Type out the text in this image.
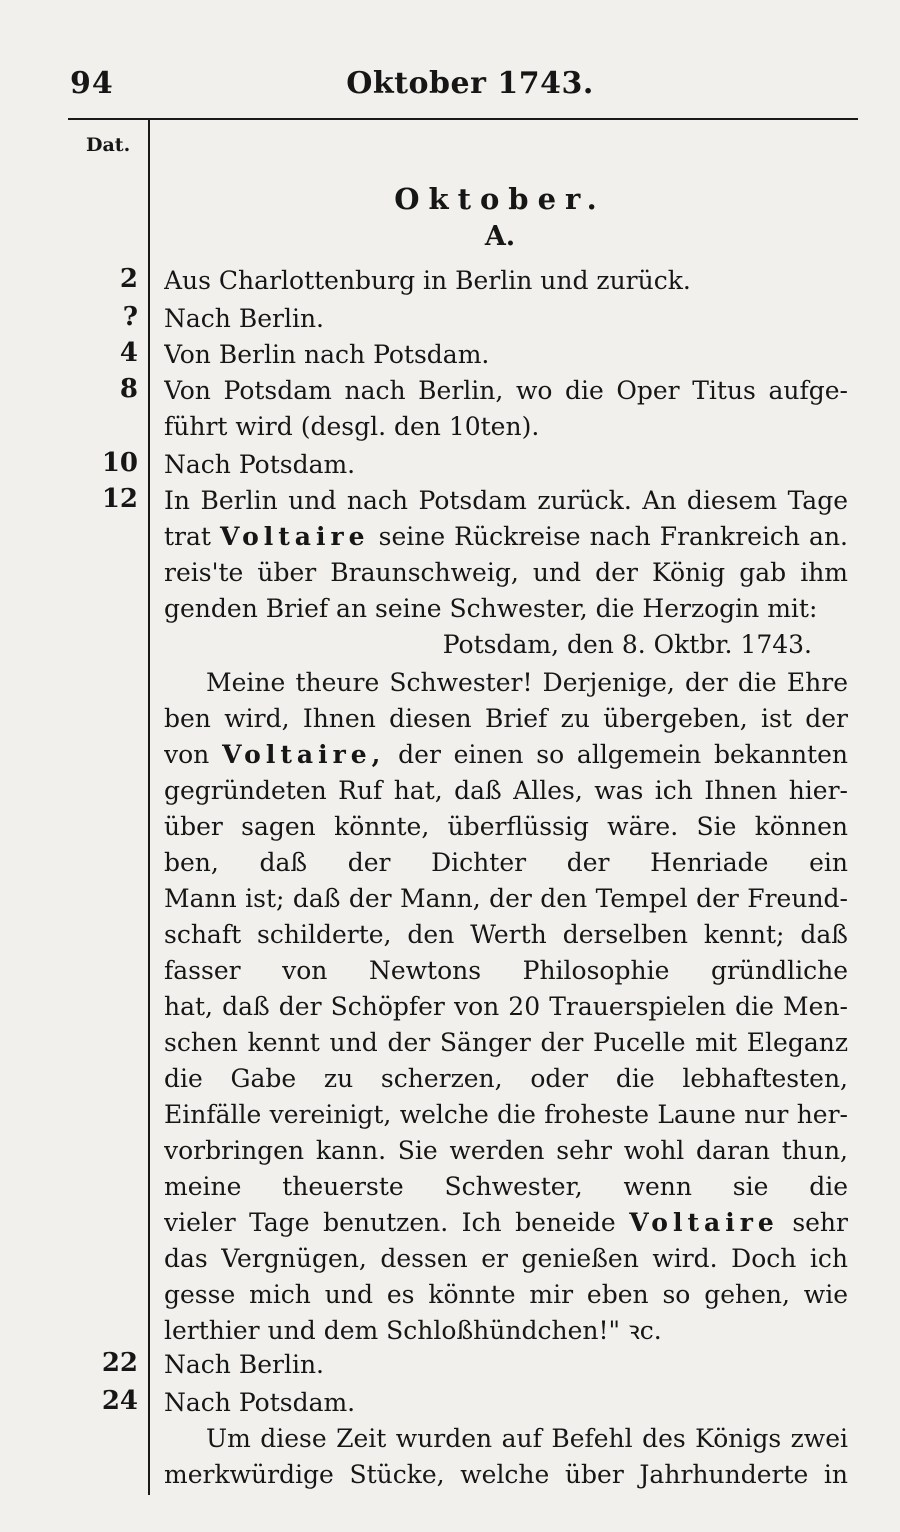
94	Oktober 1743.
Dat.
Oktober.
A.
2
?
4
8
10
12
22
24
Aus Charlottenburg in Berlin und zurück.
Nach Berlin.
Von Berlin nach Potsdam.
Von Potsdam nach Berlin, wo die Oper Titus aufge-
führt wird (desgl. den 10ten).
Nach Potsdam.
In Berlin und nach Potsdam zurück. An diesem Tage
trat Voltaire seine Rückreise nach Frankreich an.
reis'te über Braunschweig, und der König gab ihm
genden Brief an seine Schwester, die Herzogin mit:
Potsdam, den 8. Oktbr. 1743.
Meine theure Schwester! Derjenige, der die Ehre
ben wird, Ihnen diesen Brief zu übergeben, ist der
von Voltaire, der einen so allgemein bekannten
gegründeten Ruf hat, daß Alles, was ich Ihnen hier-
über sagen könnte, überflüssig wäre. Sie können
ben, daß der Dichter der Henriade ein
Mann ist; daß der Mann, der den Tempel der Freund-
schaft schilderte, den Werth derselben kennt; daß
fasser von Newtons Philosophie gründliche
hat, daß der Schöpfer von 20 Trauerspielen die Men-
schen kennt und der Sänger der Pucelle mit Eleganz
die Gabe zu scherzen, oder die lebhaftesten,
Einfälle vereinigt, welche die froheste Laune nur her-
vorbringen kann. Sie werden sehr wohl daran thun,
meine theuerste Schwester, wenn sie die
vieler Tage benutzen. Ich beneide Voltaire sehr
das Vergnügen, dessen er genießen wird. Doch ich
gesse mich und es könnte mir eben so gehen, wie
lerthier und dem Schloßhündchen!" ꝛc.
Nach Berlin.
Nach Potsdam.
Um diese Zeit wurden auf Befehl des Königs zwei
merkwürdige Stücke, welche über Jahrhunderte in
